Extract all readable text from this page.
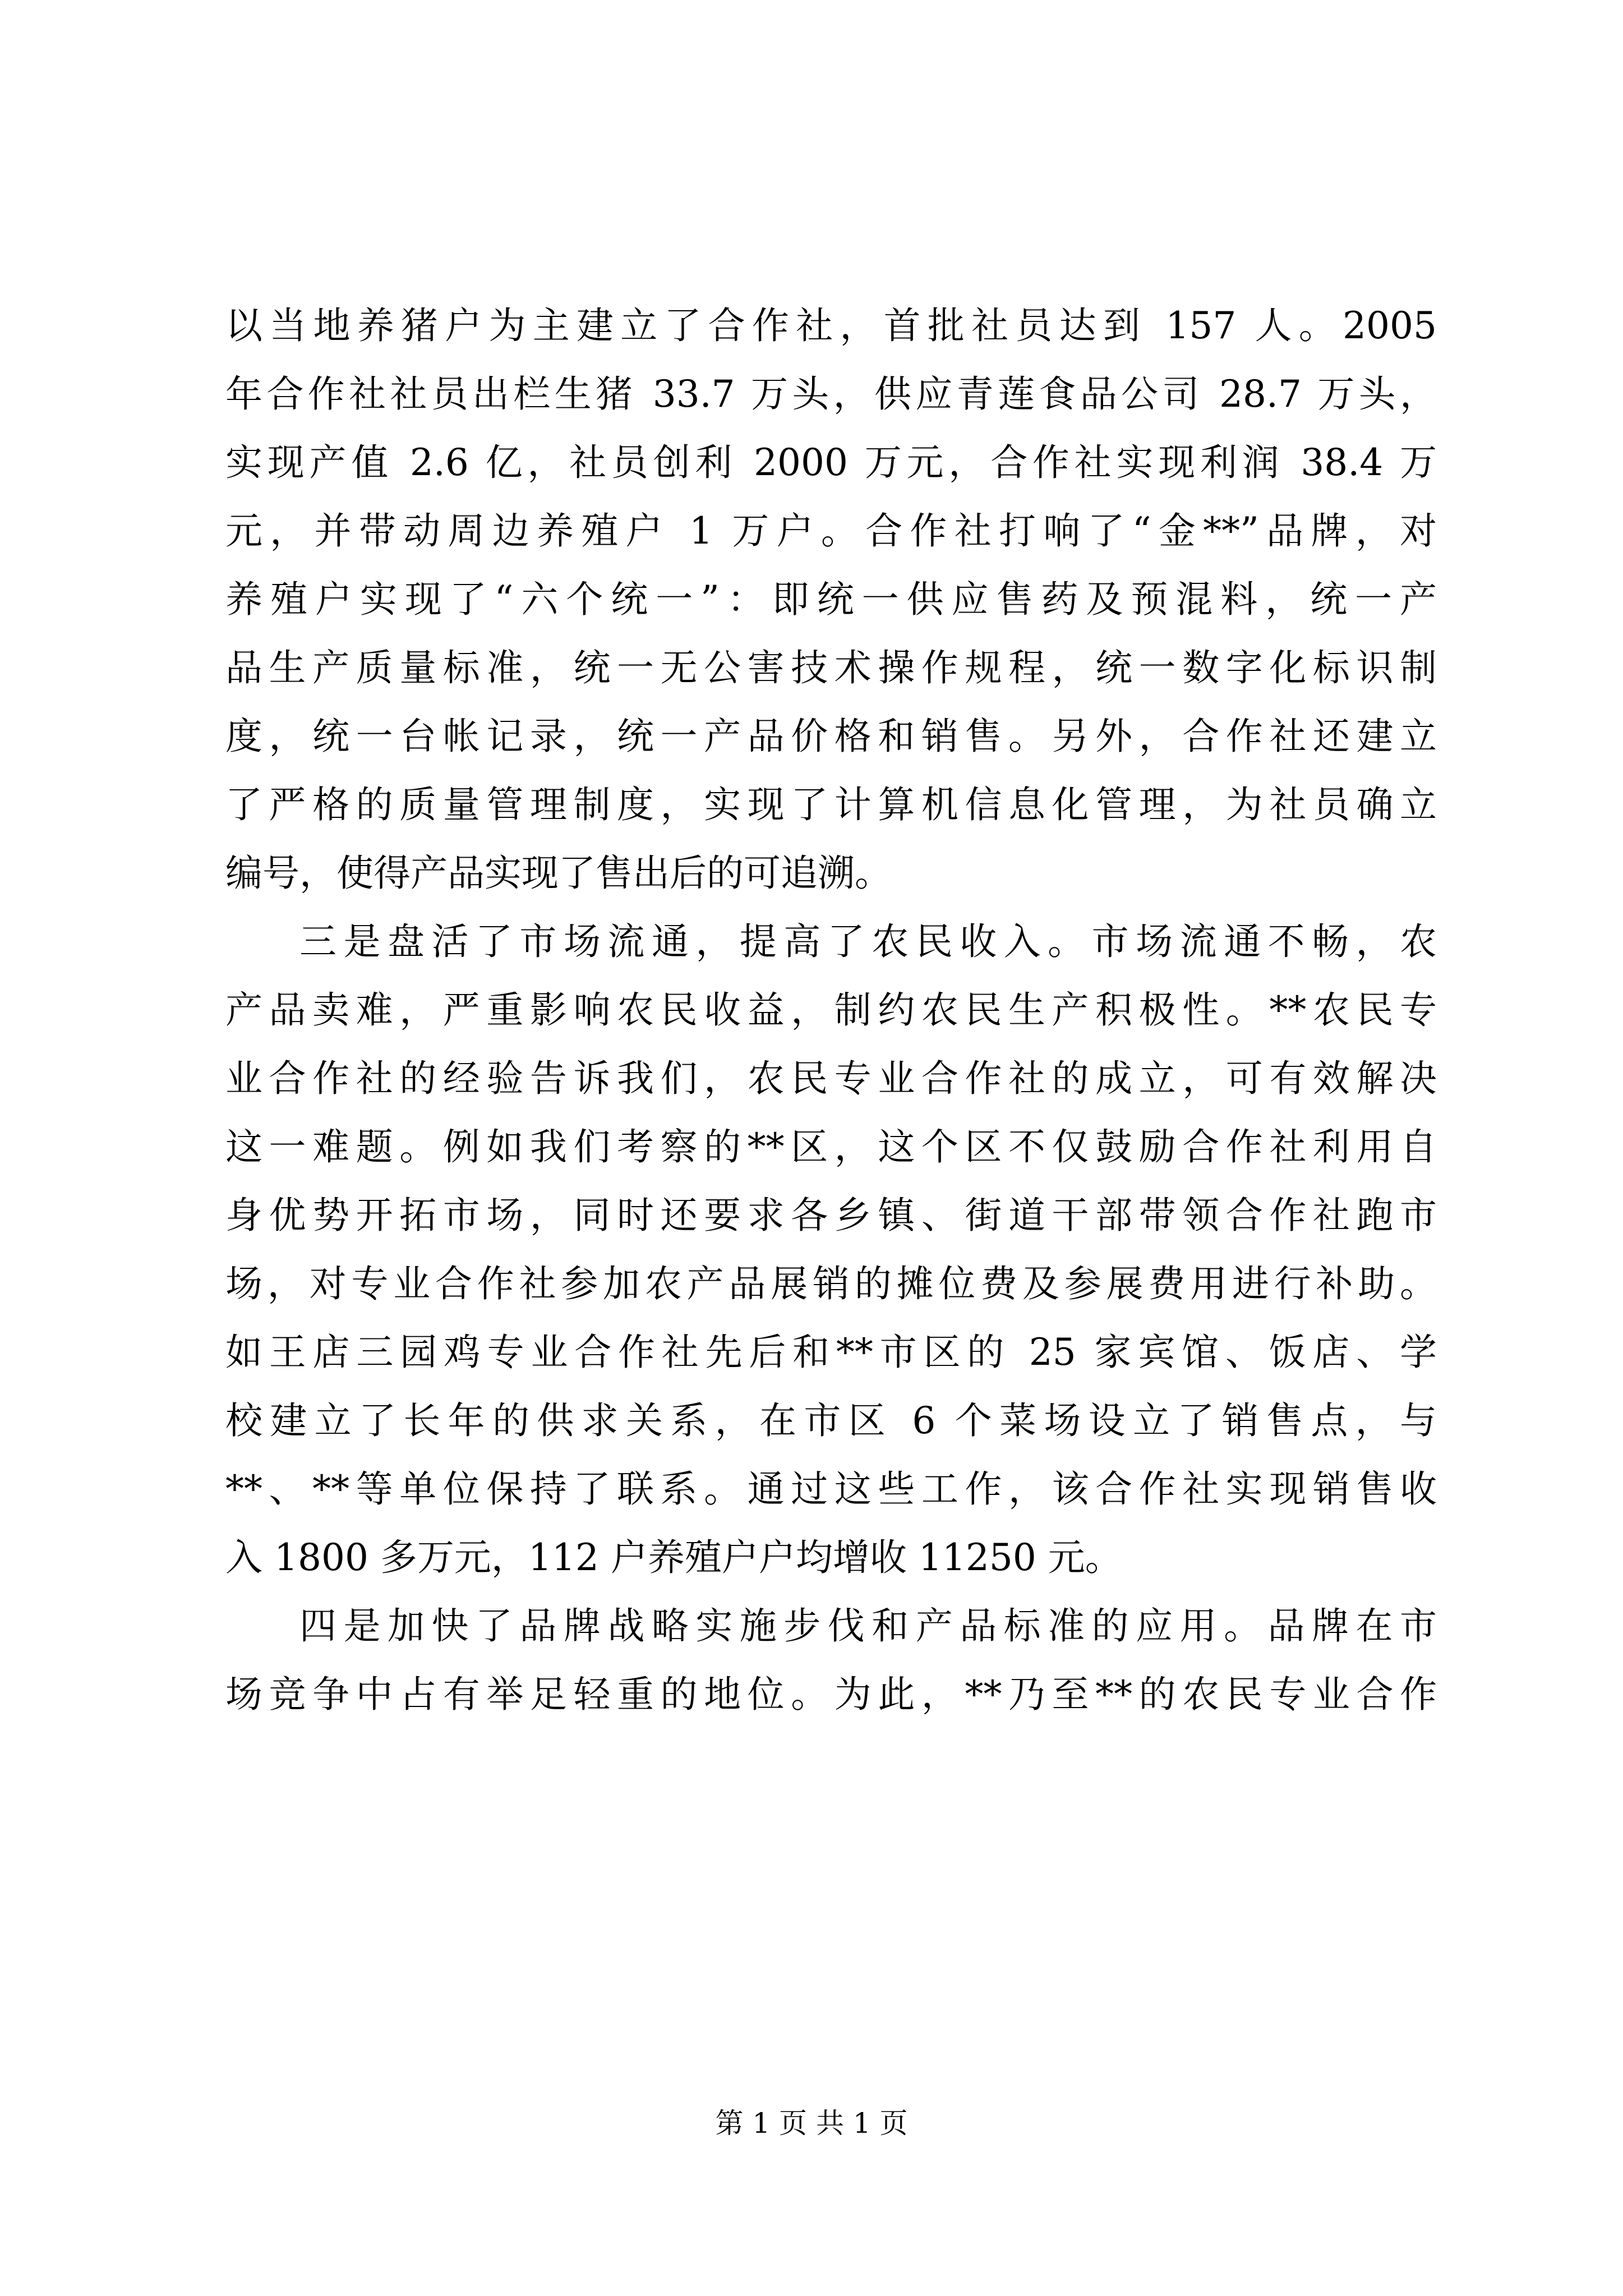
以当地养猪户为主建立了合作社，首批社员达到 157 人。2005
年合作社社员出栏生猪 33.7 万头，供应青莲食品公司 28.7 万头，
实现产值 2.6 亿，社员创利 2000 万元，合作社实现利润 38.4 万
元，并带动周边养殖户 1 万户。合作社打响了“金**”品牌，对
养殖户实现了“六个统一”：即统一供应售药及预混料，统一产
品生产质量标准，统一无公害技术操作规程，统一数字化标识制
度，统一台帐记录，统一产品价格和销售。另外，合作社还建立
了严格的质量管理制度，实现了计算机信息化管理，为社员确立
编号，使得产品实现了售出后的可追溯。
三是盘活了市场流通，提高了农民收入。市场流通不畅，农
产品卖难，严重影响农民收益，制约农民生产积极性。**农民专
业合作社的经验告诉我们，农民专业合作社的成立，可有效解决
这一难题。例如我们考察的**区，这个区不仅鼓励合作社利用自
身优势开拓市场，同时还要求各乡镇、街道干部带领合作社跑市
场，对专业合作社参加农产品展销的摊位费及参展费用进行补助。
如王店三园鸡专业合作社先后和**市区的 25 家宾馆、饭店、学
校建立了长年的供求关系，在市区 6 个菜场设立了销售点，与
**、**等单位保持了联系。通过这些工作，该合作社实现销售收
入 1800 多万元，112 户养殖户户均增收 11250 元。
四是加快了品牌战略实施步伐和产品标准的应用。品牌在市
场竞争中占有举足轻重的地位。为此，**乃至**的农民专业合作
第 1 页 共 1 页
